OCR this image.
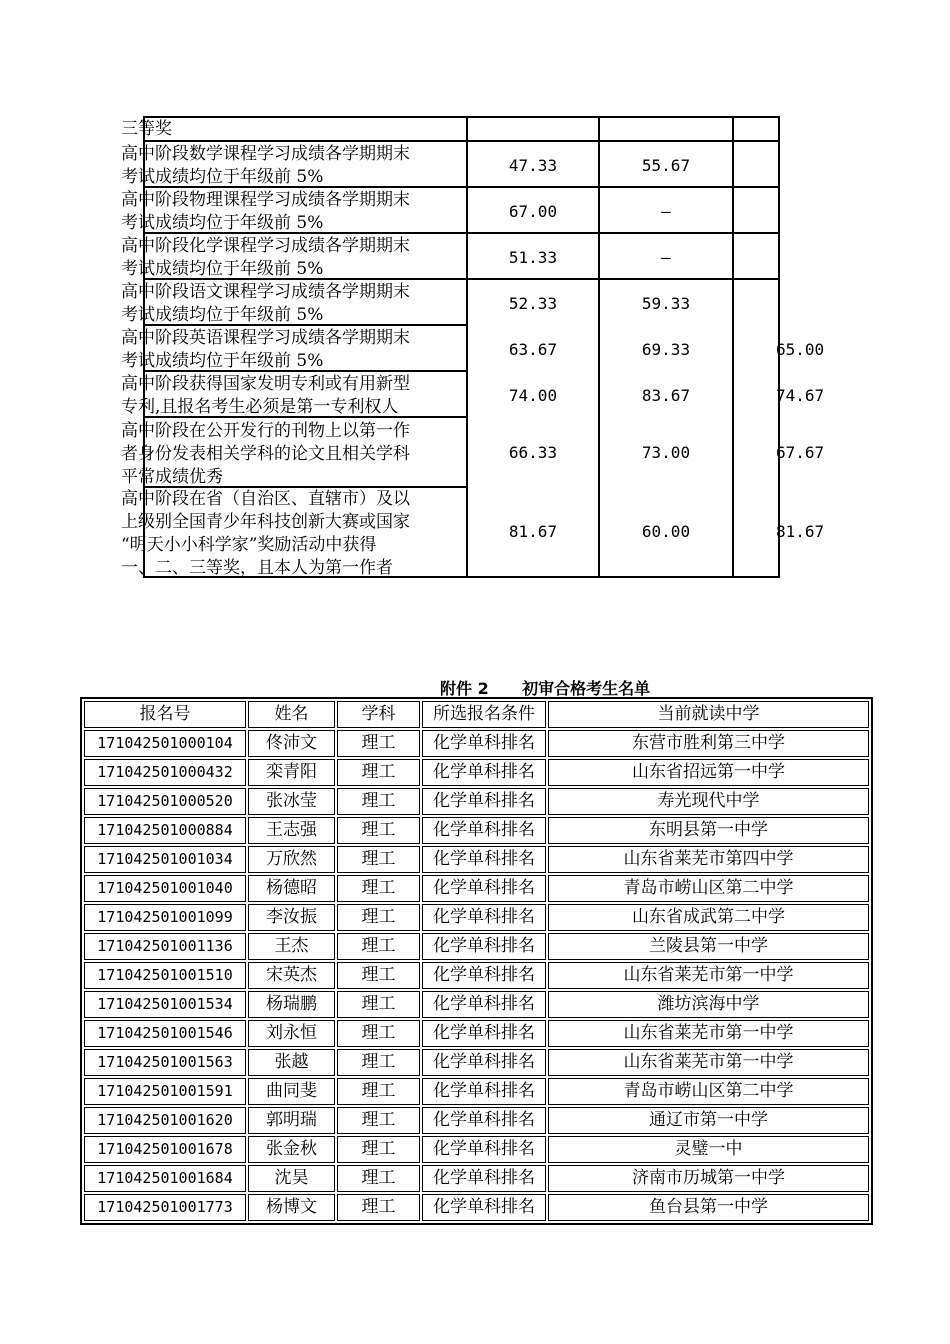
三等奖
高中阶段数学课程学习成绩各学期期末
考试成绩均位于年级前 5%
47.33	55.67
高中阶段物理课程学习成绩各学期期末
考试成绩均位于年级前 5%
67.00	—
高中阶段化学课程学习成绩各学期期末
考试成绩均位于年级前 5%
51.33	—
高中阶段语文课程学习成绩各学期期末
考试成绩均位于年级前 5%
52.33	59.33
高中阶段英语课程学习成绩各学期期末
考试成绩均位于年级前 5%
63.67	69.33	65.00
高中阶段获得国家发明专利或有用新型
专利,且报名考生必须是第一专利权人
74.00	83.67	74.67
高中阶段在公开发行的刊物上以第一作
者身份发表相关学科的论文且相关学科
平常成绩优秀
66.33	73.00	67.67
高中阶段在省（自治区、直辖市）及以
上级别全国青少年科技创新大赛或国家
“明天小小科学家”奖励活动中获得
一、二、三等奖，且本人为第一作者
81.67	60.00	81.67
附件 2      初审合格考生名单
报名号	姓名	学科	所选报名条件	当前就读中学
171042501000104	佟沛文	理工	化学单科排名	东营市胜利第三中学
171042501000432	栾青阳	理工	化学单科排名	山东省招远第一中学
171042501000520	张冰莹	理工	化学单科排名	寿光现代中学
171042501000884	王志强	理工	化学单科排名	东明县第一中学
171042501001034	万欣然	理工	化学单科排名	山东省莱芜市第四中学
171042501001040	杨德昭	理工	化学单科排名	青岛市崂山区第二中学
171042501001099	李汝振	理工	化学单科排名	山东省成武第二中学
171042501001136	王杰	理工	化学单科排名	兰陵县第一中学
171042501001510	宋英杰	理工	化学单科排名	山东省莱芜市第一中学
171042501001534	杨瑞鹏	理工	化学单科排名	潍坊滨海中学
171042501001546	刘永恒	理工	化学单科排名	山东省莱芜市第一中学
171042501001563	张越	理工	化学单科排名	山东省莱芜市第一中学
171042501001591	曲同斐	理工	化学单科排名	青岛市崂山区第二中学
171042501001620	郭明瑞	理工	化学单科排名	通辽市第一中学
171042501001678	张金秋	理工	化学单科排名	灵璧一中
171042501001684	沈昊	理工	化学单科排名	济南市历城第一中学
171042501001773	杨博文	理工	化学单科排名	鱼台县第一中学
